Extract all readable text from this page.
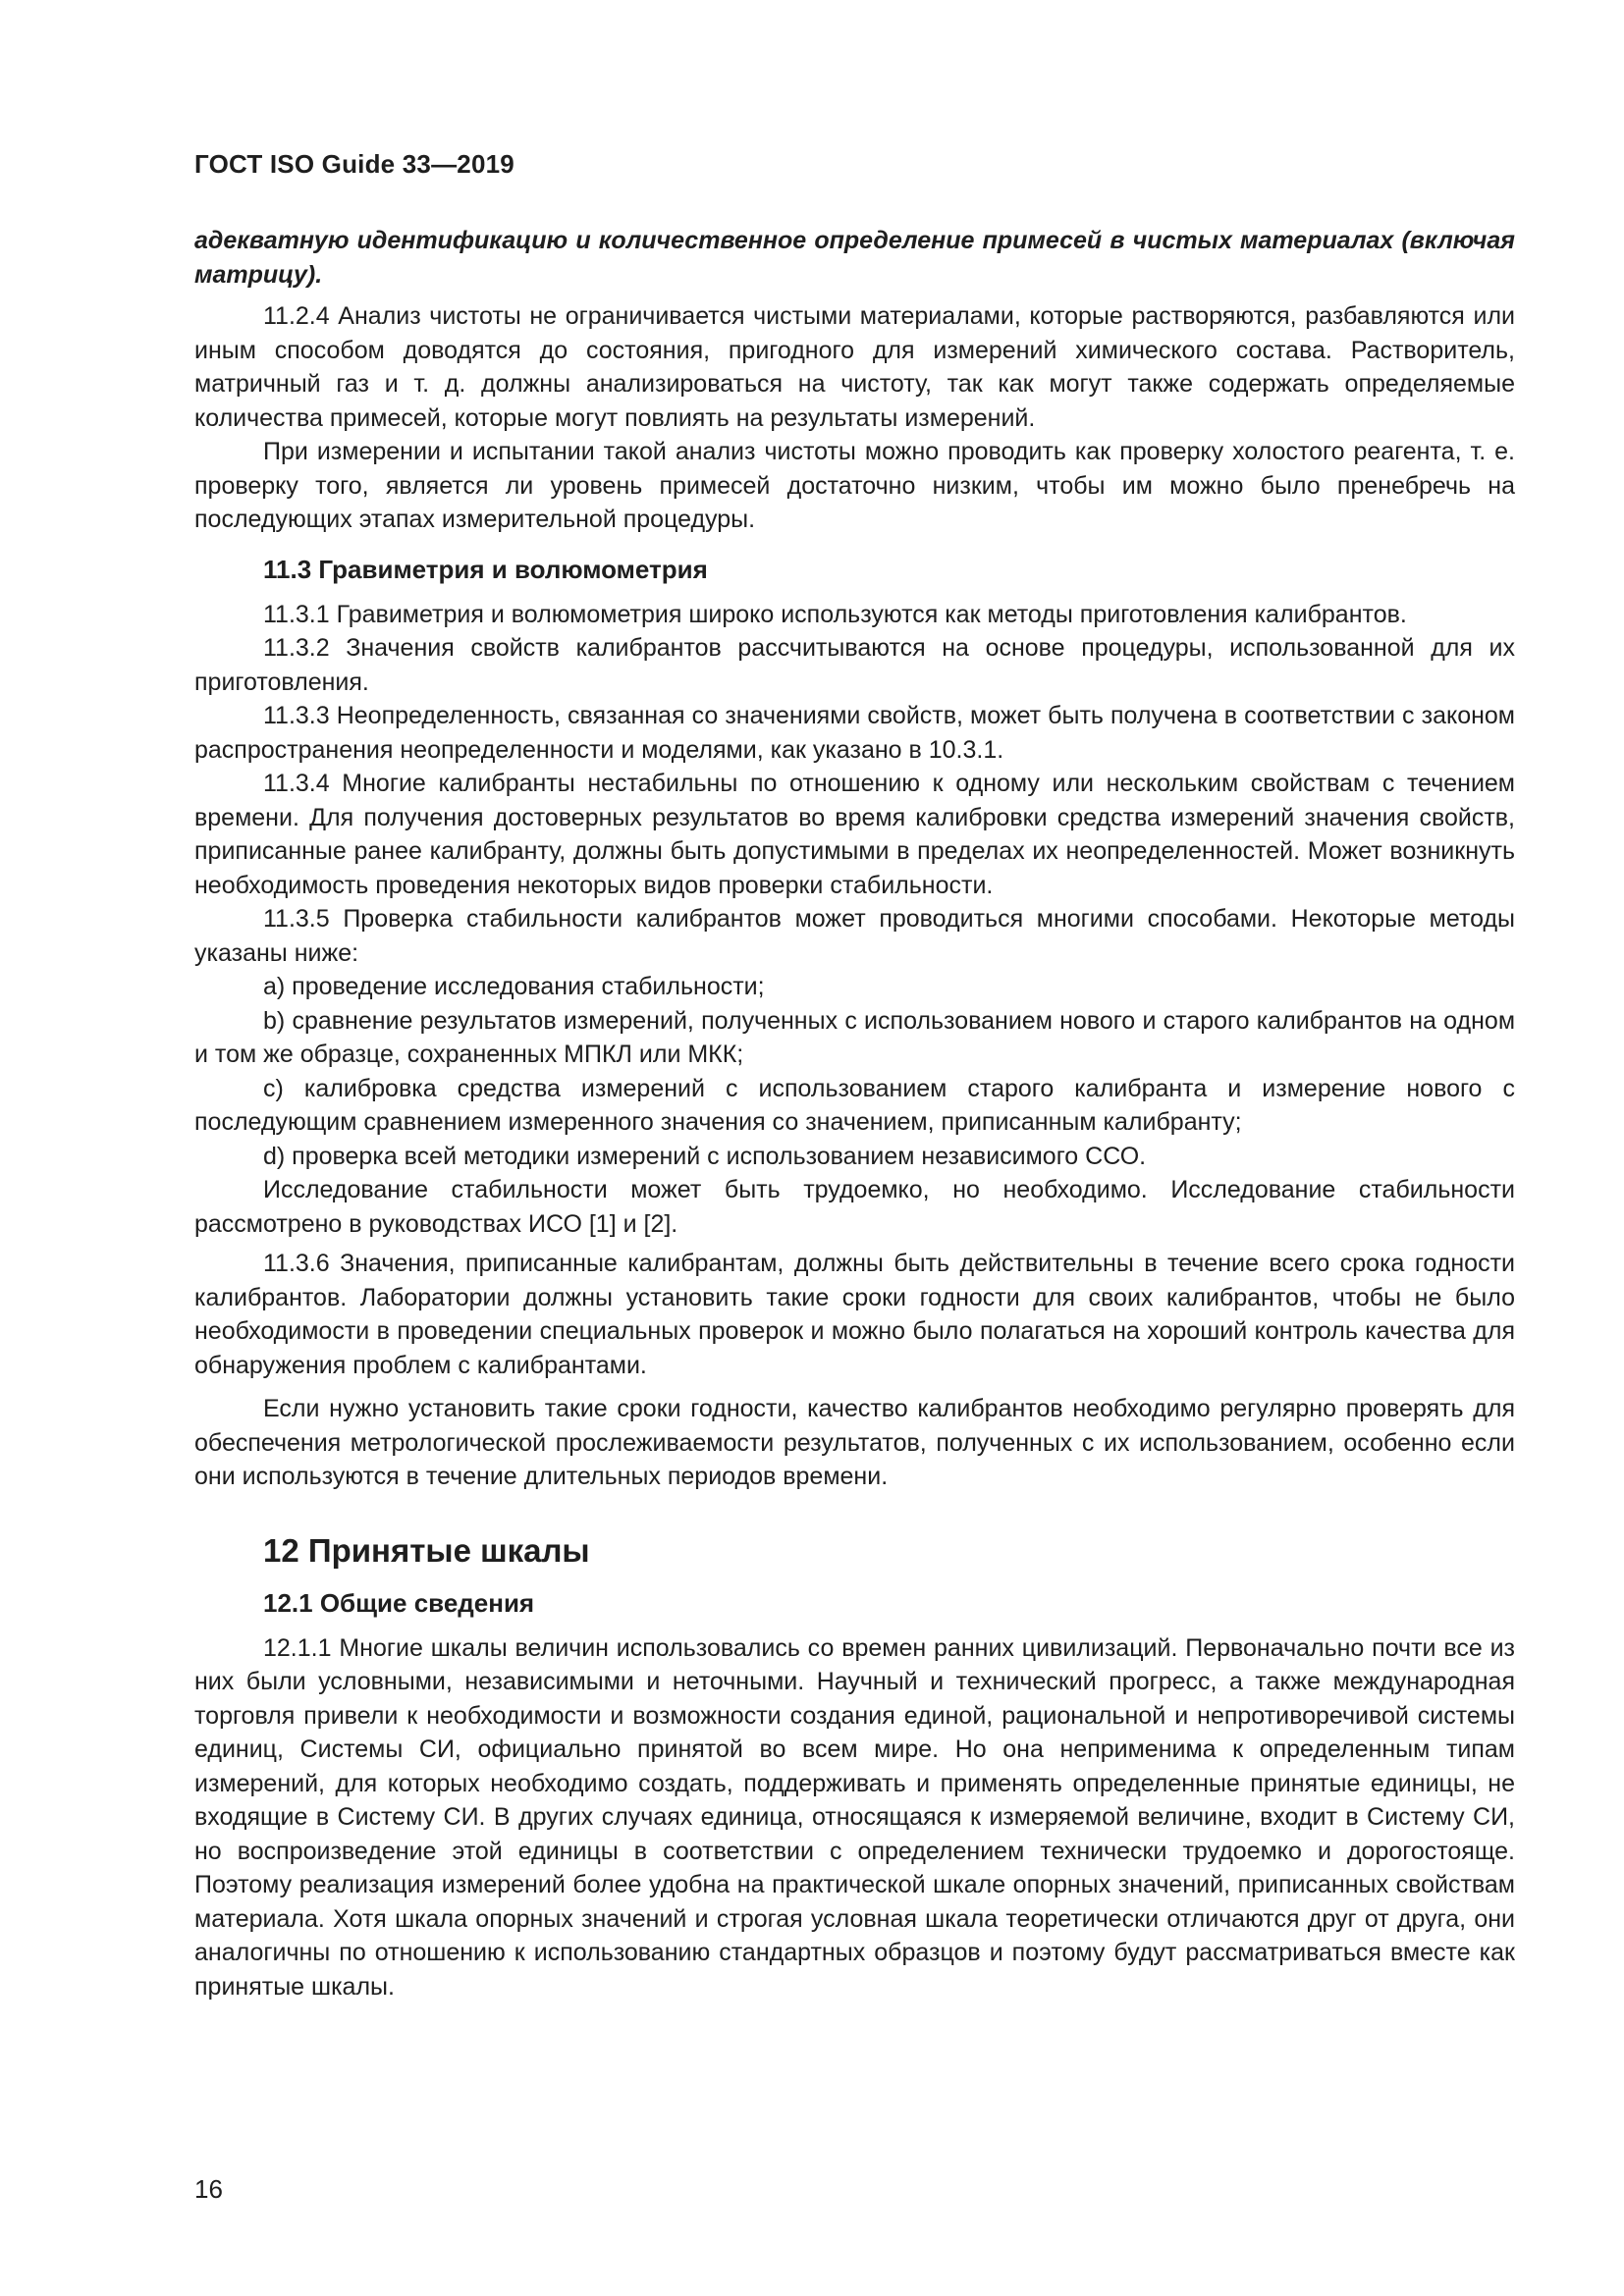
ГОСТ ISO Guide 33—2019

адекватную идентификацию и количественное определение примесей в чистых материалах (включая матрицу).

11.2.4 Анализ чистоты не ограничивается чистыми материалами, которые растворяются, разбавляются или иным способом доводятся до состояния, пригодного для измерений химического состава. Растворитель, матричный газ и т. д. должны анализироваться на чистоту, так как могут также содержать определяемые количества примесей, которые могут повлиять на результаты измерений.

При измерении и испытании такой анализ чистоты можно проводить как проверку холостого реагента, т. е. проверку того, является ли уровень примесей достаточно низким, чтобы им можно было пренебречь на последующих этапах измерительной процедуры.

11.3 Гравиметрия и волюмометрия

11.3.1 Гравиметрия и волюмометрия широко используются как методы приготовления калибрантов.

11.3.2 Значения свойств калибрантов рассчитываются на основе процедуры, использованной для их приготовления.

11.3.3 Неопределенность, связанная со значениями свойств, может быть получена в соответствии с законом распространения неопределенности и моделями, как указано в 10.3.1.

11.3.4 Многие калибранты нестабильны по отношению к одному или нескольким свойствам с течением времени. Для получения достоверных результатов во время калибровки средства измерений значения свойств, приписанные ранее калибранту, должны быть допустимыми в пределах их неопределенностей. Может возникнуть необходимость проведения некоторых видов проверки стабильности.

11.3.5 Проверка стабильности калибрантов может проводиться многими способами. Некоторые методы указаны ниже:

a) проведение исследования стабильности;

b) сравнение результатов измерений, полученных с использованием нового и старого калибрантов на одном и том же образце, сохраненных МПКЛ или МКК;

c) калибровка средства измерений с использованием старого калибранта и измерение нового с последующим сравнением измеренного значения со значением, приписанным калибранту;

d) проверка всей методики измерений с использованием независимого ССО.

Исследование стабильности может быть трудоемко, но необходимо. Исследование стабильности рассмотрено в руководствах ИСО [1] и [2].

11.3.6 Значения, приписанные калибрантам, должны быть действительны в течение всего срока годности калибрантов. Лаборатории должны установить такие сроки годности для своих калибрантов, чтобы не было необходимости в проведении специальных проверок и можно было полагаться на хороший контроль качества для обнаружения проблем с калибрантами.

Если нужно установить такие сроки годности, качество калибрантов необходимо регулярно проверять для обеспечения метрологической прослеживаемости результатов, полученных с их использованием, особенно если они используются в течение длительных периодов времени.

12 Принятые шкалы
12.1 Общие сведения

12.1.1 Многие шкалы величин использовались со времен ранних цивилизаций. Первоначально почти все из них были условными, независимыми и неточными. Научный и технический прогресс, а также международная торговля привели к необходимости и возможности создания единой, рациональной и непротиворечивой системы единиц, Системы СИ, официально принятой во всем мире. Но она неприменима к определенным типам измерений, для которых необходимо создать, поддерживать и применять определенные принятые единицы, не входящие в Систему СИ. В других случаях единица, относящаяся к измеряемой величине, входит в Систему СИ, но воспроизведение этой единицы в соответствии с определением технически трудоемко и дорогостояще. Поэтому реализация измерений более удобна на практической шкале опорных значений, приписанных свойствам материала. Хотя шкала опорных значений и строгая условная шкала теоретически отличаются друг от друга, они аналогичны по отношению к использованию стандартных образцов и поэтому будут рассматриваться вместе как принятые шкалы.

16
